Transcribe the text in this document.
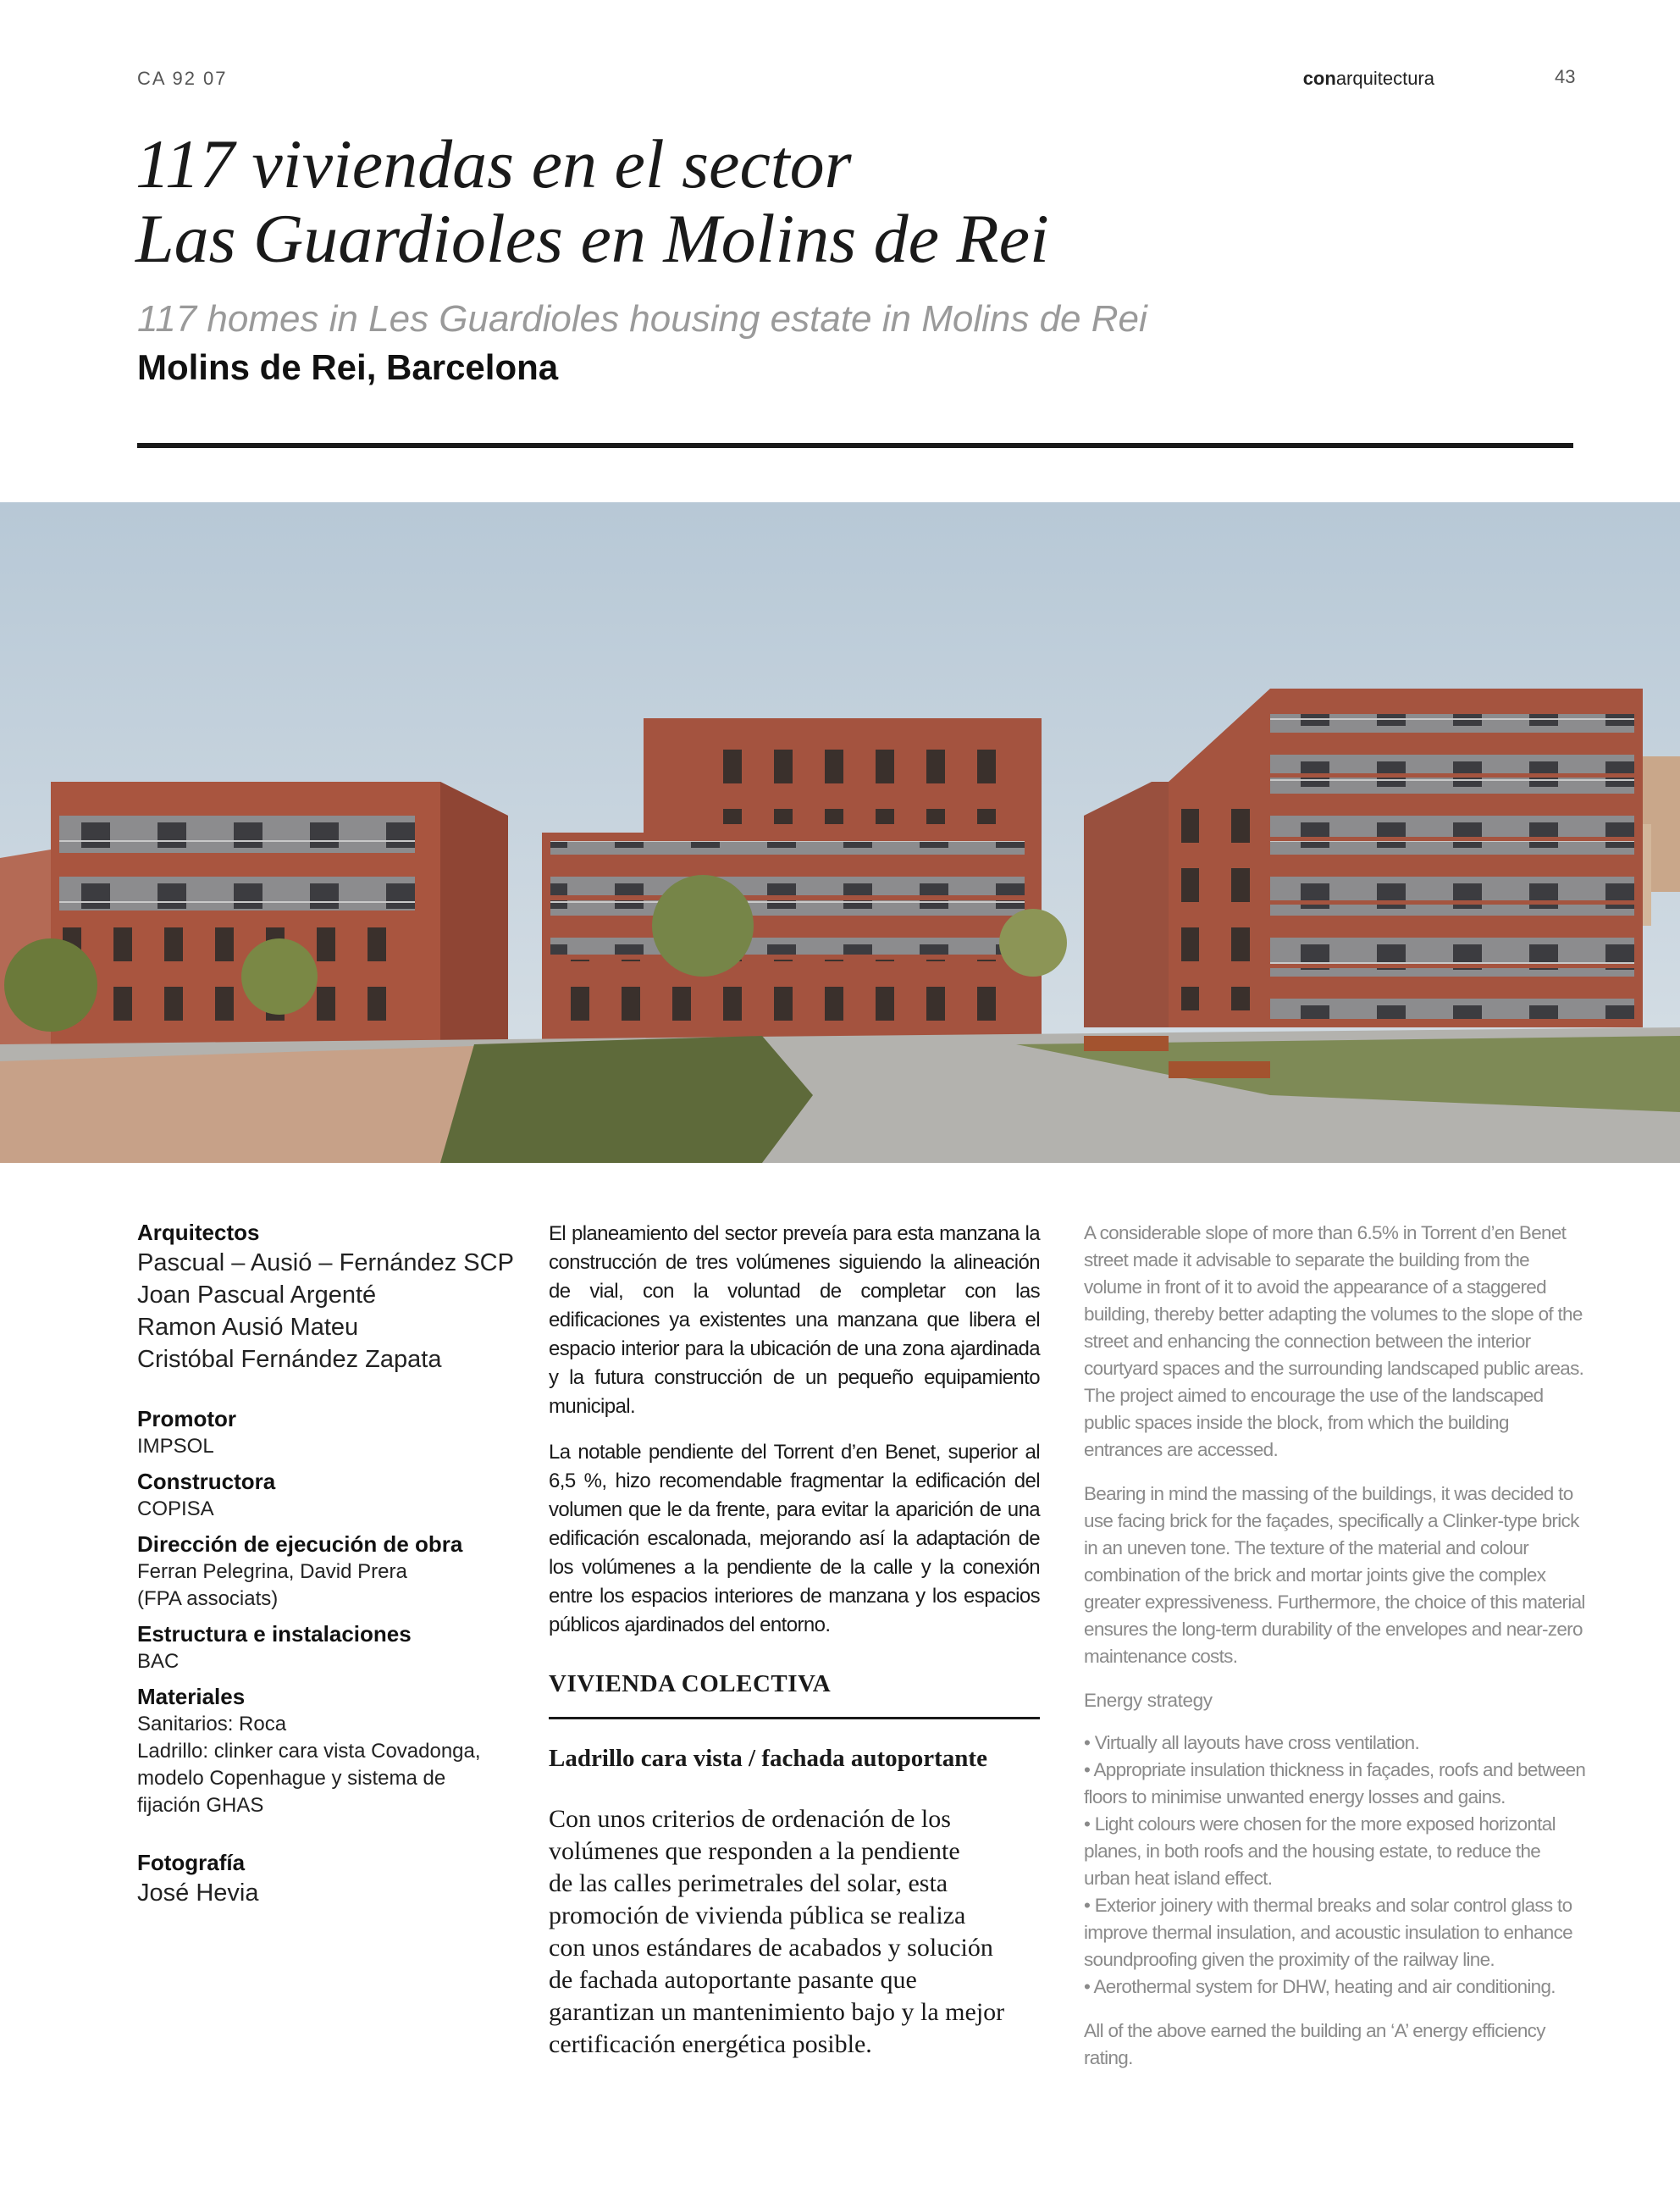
CA 92 07	conarquitectura	43
117 viviendas en el sector
Las Guardioles en Molins de Rei
117 homes in Les Guardioles housing estate in Molins de Rei
Molins de Rei, Barcelona
Arquitectos
Pascual – Ausió – Fernández SCP
Joan Pascual Argenté
Ramon Ausió Mateu
Cristóbal Fernández Zapata
Promotor
IMPSOL
Constructora
COPISA
Dirección de ejecución de obra
Ferran Pelegrina, David Prera
(FPA associats)
Estructura e instalaciones
BAC
Materiales
Sanitarios: Roca
Ladrillo: clinker cara vista Covadonga,
modelo Copenhague y sistema de
fijación GHAS
Fotografía
José Hevia

El planeamiento del sector preveía para esta manzana la construcción de tres volúmenes siguiendo la alineación de vial, con la voluntad de completar con las edificaciones ya existentes una manzana que libera el espacio interior para la ubicación de una zona ajardinada y la futura construcción de un pequeño equipamiento municipal.

La notable pendiente del Torrent d’en Benet, superior al 6,5 %, hizo recomendable fragmentar la edificación del volumen que le da frente, para evitar la aparición de una edificación escalonada, mejorando así la adaptación de los volúmenes a la pendiente de la calle y la conexión entre los espacios interiores de manzana y los espacios públicos ajardinados del entorno.

VIVIENDA COLECTIVA
Ladrillo cara vista / fachada autoportante
Con unos criterios de ordenación de los
volúmenes que responden a la pendiente
de las calles perimetrales del solar, esta
promoción de vivienda pública se realiza
con unos estándares de acabados y solución
de fachada autoportante pasante que
garantizan un mantenimiento bajo y la mejor
certificación energética posible.

A considerable slope of more than 6.5% in Torrent d’en Benet street made it advisable to separate the building from the volume in front of it to avoid the appearance of a staggered building, thereby better adapting the volumes to the slope of the street and enhancing the connection between the interior courtyard spaces and the surrounding landscaped public areas. The project aimed to encourage the use of the landscaped public spaces inside the block, from which the building entrances are accessed.

Bearing in mind the massing of the buildings, it was decided to use facing brick for the façades, specifically a Clinker-type brick in an uneven tone. The texture of the material and colour combination of the brick and mortar joints give the complex greater expressiveness. Furthermore, the choice of this material ensures the long-term durability of the envelopes and near-zero maintenance costs.

Energy strategy

• Virtually all layouts have cross ventilation.
• Appropriate insulation thickness in façades, roofs and between floors to minimise unwanted energy losses and gains.
• Light colours were chosen for the more exposed horizontal planes, in both roofs and the housing estate, to reduce the urban heat island effect.
• Exterior joinery with thermal breaks and solar control glass to improve thermal insulation, and acoustic insulation to enhance soundproofing given the proximity of the railway line.
• Aerothermal system for DHW, heating and air conditioning.

All of the above earned the building an ‘A’ energy efficiency rating.
